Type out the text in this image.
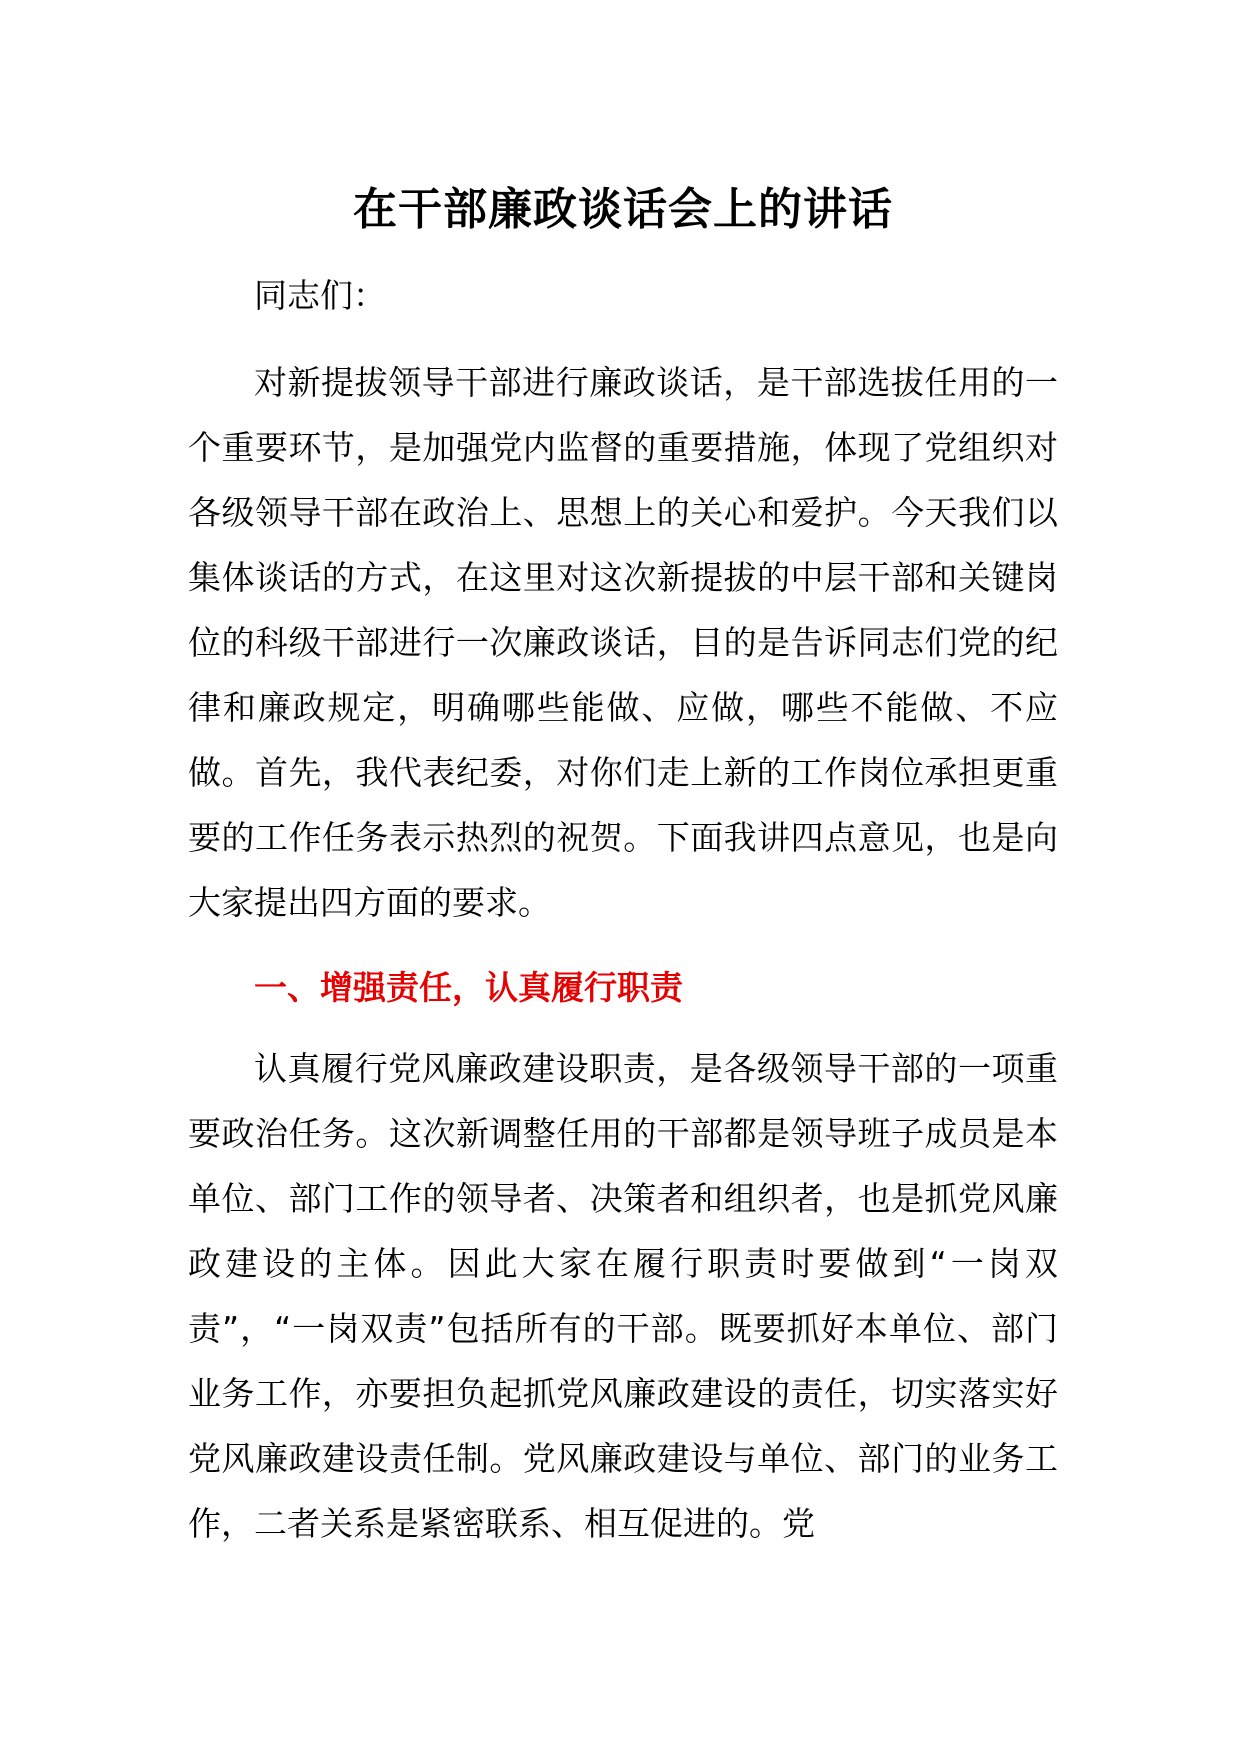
在干部廉政谈话会上的讲话

同志们：

对新提拔领导干部进行廉政谈话，是干部选拔任用的一个重要环节，是加强党内监督的重要措施，体现了党组织对各级领导干部在政治上、思想上的关心和爱护。今天我们以集体谈话的方式，在这里对这次新提拔的中层干部和关键岗位的科级干部进行一次廉政谈话，目的是告诉同志们党的纪律和廉政规定，明确哪些能做、应做，哪些不能做、不应做。首先，我代表纪委，对你们走上新的工作岗位承担更重要的工作任务表示热烈的祝贺。下面我讲四点意见，也是向大家提出四方面的要求。

一、增强责任，认真履行职责

认真履行党风廉政建设职责，是各级领导干部的一项重要政治任务。这次新调整任用的干部都是领导班子成员是本单位、部门工作的领导者、决策者和组织者，也是抓党风廉政建设的主体。因此大家在履行职责时要做到“一岗双责”，“一岗双责”包括所有的干部。既要抓好本单位、部门业务工作，亦要担负起抓党风廉政建设的责任，切实落实好党风廉政建设责任制。党风廉政建设与单位、部门的业务工作，二者关系是紧密联系、相互促进的。党
